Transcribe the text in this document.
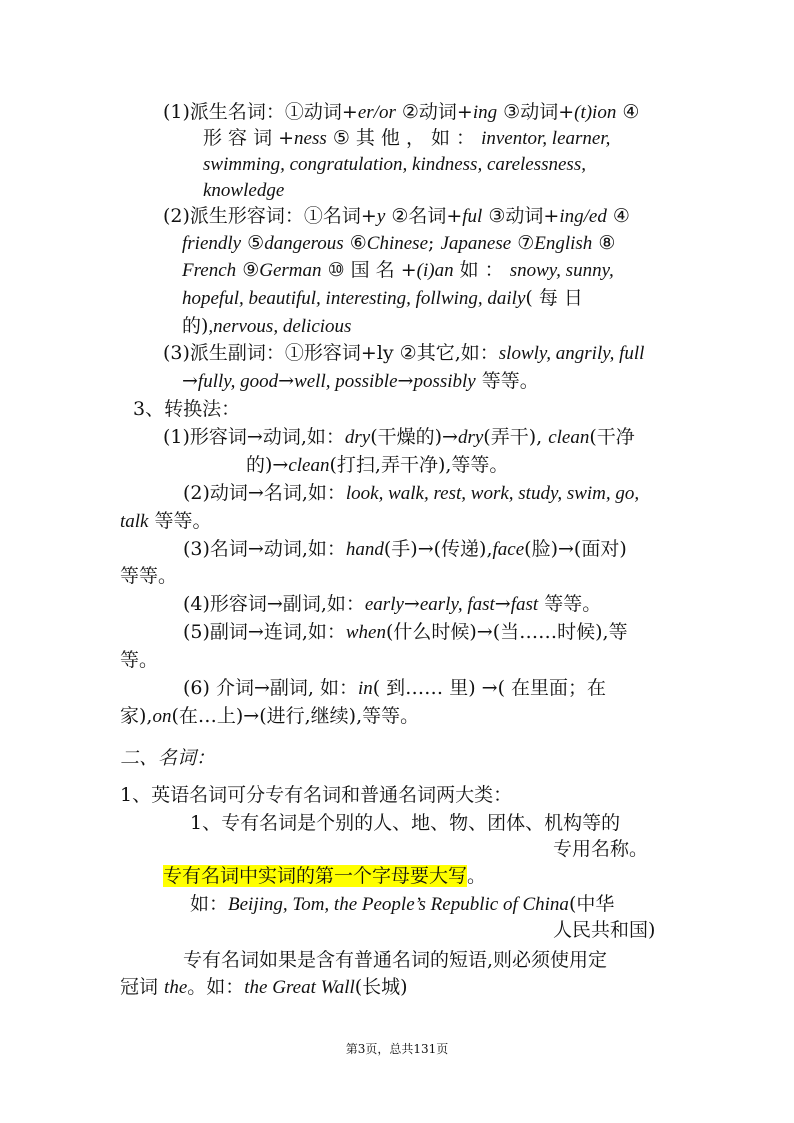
(1)派生名词：①动词+er/or ②动词+ing ③动词+(t)ion ④
形 容 词 +ness ⑤ 其 他 ， 如 ： inventor, learner,
swimming, congratulation, kindness, carelessness,
knowledge
(2)派生形容词：①名词+y ②名词+ful ③动词+ing/ed ④
friendly ⑤dangerous ⑥Chinese; Japanese ⑦English ⑧
French ⑨German ⑩ 国 名 +(i)an 如 ： snowy, sunny,
hopeful, beautiful, interesting, follwing, daily( 每 日
的),nervous, delicious
(3)派生副词：①形容词+ly ②其它,如：slowly, angrily, full
→fully, good→well, possible→possibly 等等。
3、转换法：
(1)形容词→动词,如：dry(干燥的)→dry(弄干), clean(干净
的)→clean(打扫,弄干净),等等。
(2)动词→名词,如：look, walk, rest, work, study, swim, go,
talk 等等。
(3)名词→动词,如：hand(手)→(传递),face(脸)→(面对)
等等。
(4)形容词→副词,如：early→early, fast→fast 等等。
(5)副词→连词,如：when(什么时候)→(当……时候),等
等。
(6) 介词→副词, 如：in( 到…… 里) →( 在里面；在
家),on(在…上)→(进行,继续),等等。
二、名词：
1、英语名词可分专有名词和普通名词两大类：
1、专有名词是个别的人、地、物、团体、机构等的
专用名称。
专有名词中实词的第一个字母要大写。
如：Beijing, Tom, the People’s Republic of China(中华
人民共和国)
专有名词如果是含有普通名词的短语,则必须使用定
冠词 the。如：the Great Wall(长城)
第3页，总共131页
